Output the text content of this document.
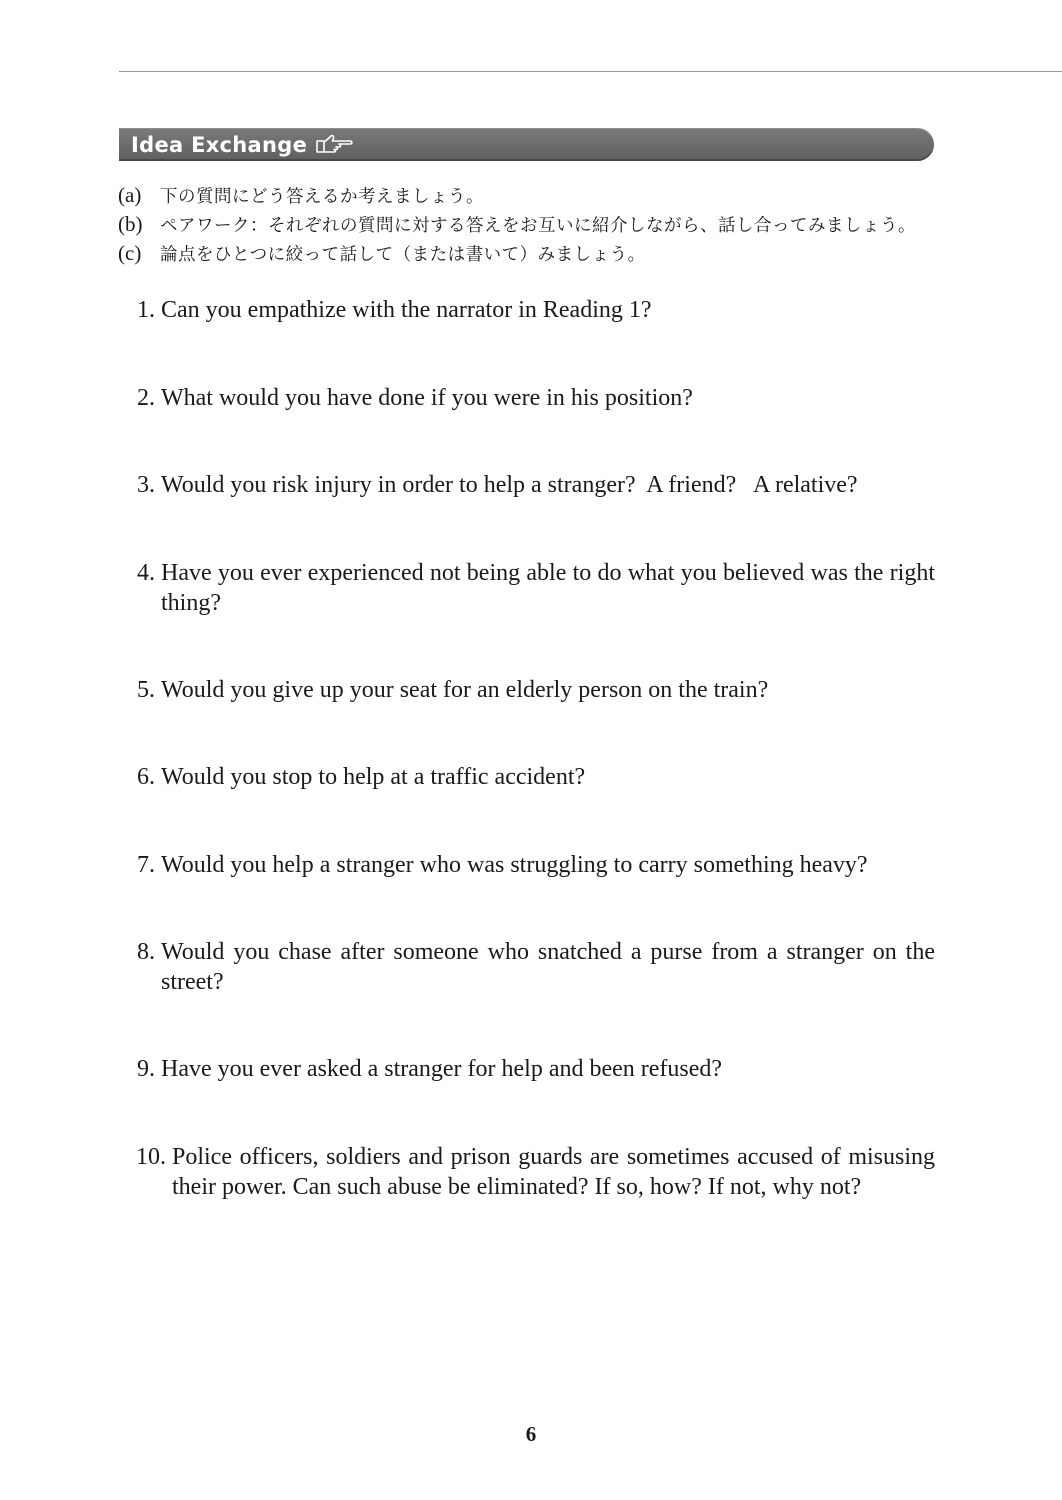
Idea Exchange
(a)	下の質問にどう答えるか考えましょう。
(b)	ペアワーク：それぞれの質問に対する答えをお互いに紹介しながら、話し合ってみましょう。
(c)	論点をひとつに絞って話して（または書いて）みましょう。
1. Can you empathize with the narrator in Reading 1?
2. What would you have done if you were in his position?
3. Would you risk injury in order to help a stranger?  A friend?   A relative?
4. Have you ever experienced not being able to do what you believed was the right thing?
5. Would you give up your seat for an elderly person on the train?
6. Would you stop to help at a traffic accident?
7. Would you help a stranger who was struggling to carry something heavy?
8. Would you chase after someone who snatched a purse from a stranger on the street?
9. Have you ever asked a stranger for help and been refused?
10. Police officers, soldiers and prison guards are sometimes accused of misusing their power. Can such abuse be eliminated? If so, how? If not, why not?
6
